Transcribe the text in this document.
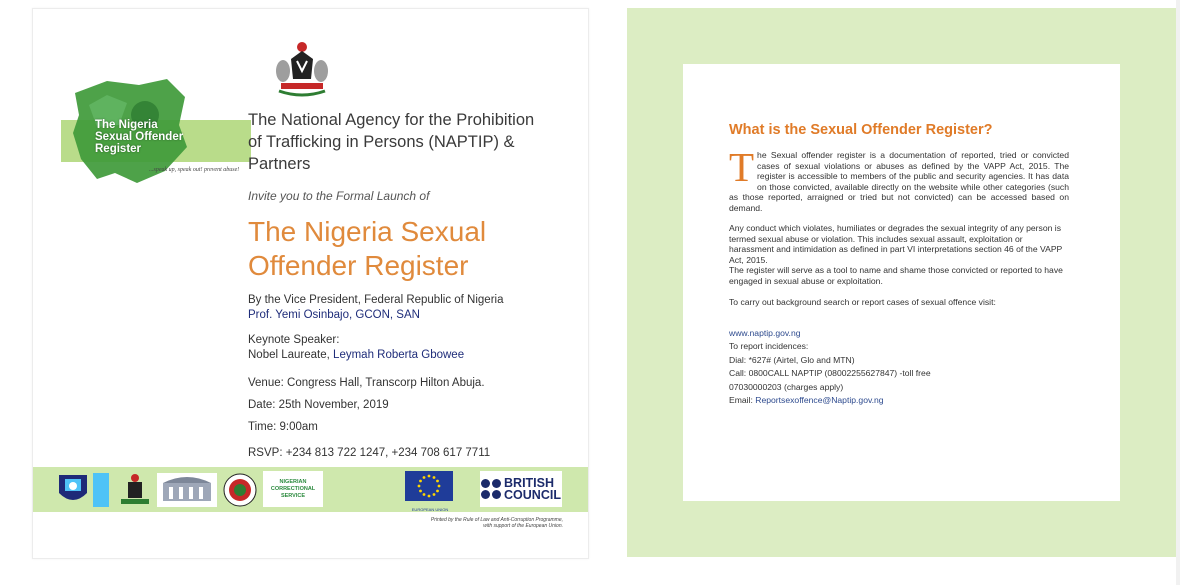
The Nigeria
Sexual Offender
Register
...speak up, speak out! prevent abuse!

The National Agency for the Prohibition
of Trafficking in Persons (NAPTIP) & Partners

Invite you to the Formal Launch of
The Nigeria Sexual
Offender Register
By the Vice President, Federal Republic of Nigeria
Prof. Yemi Osinbajo, GCON, SAN
Keynote Speaker:
Nobel Laureate, Leymah Roberta Gbowee
Venue: Congress Hall, Transcorp Hilton Abuja.
Date: 25th November, 2019
Time: 9:00am
RSVP: +234 813 722 1247, +234 708 617 7711
NIGERIAN CORRECTIONAL SERVICE
EUROPEAN UNION
BRITISH
COUNCIL
Printed by the Rule of Law and Anti-Corruption Programme,
with support of the European Union.
What is the Sexual Offender Register?
The Sexual offender register is a documentation of reported, tried or convicted cases of sexual violations or abuses as defined by the VAPP Act, 2015. The register is accessible to members of the public and security agencies. It has data on those convicted, available directly on the website while other categories (such as those reported, arraigned or tried but not convicted) can be accessed based on demand.
Any conduct which violates, humiliates or degrades the sexual integrity of any person is termed sexual abuse or violation. This includes sexual assault, exploitation or harassment and intimidation as defined in part VI interpretations section 46 of the VAPP Act, 2015.
The register will serve as a tool to name and shame those convicted or reported to have engaged in sexual abuse or exploitation.
To carry out background search or report cases of sexual offence visit:
www.naptip.gov.ng
To report incidences:
Dial: *627# (Airtel, Glo and MTN)
Call: 0800CALL NAPTIP (08002255627847) -toll free
07030000203 (charges apply)
Email: Reportsexoffence@Naptip.gov.ng
